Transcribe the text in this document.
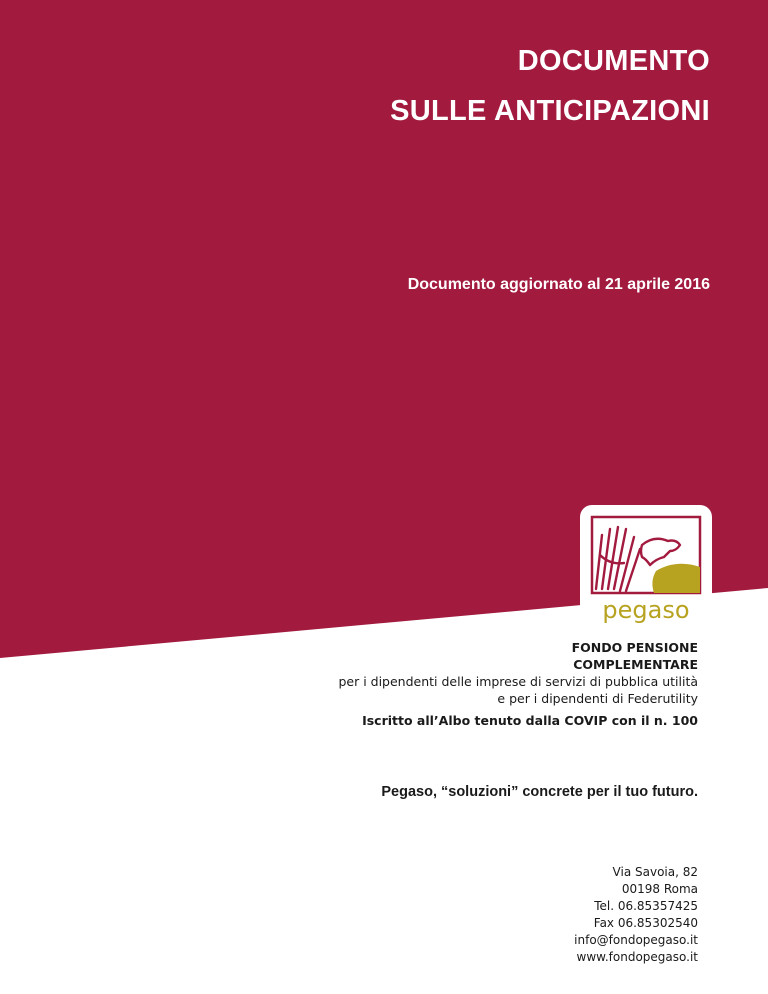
DOCUMENTO
SULLE ANTICIPAZIONI
Documento aggiornato al 21 aprile 2016
pegaso
FONDO PENSIONE
COMPLEMENTARE
per i dipendenti delle imprese di servizi di pubblica utilità
e per i dipendenti di Federutility
Iscritto all’Albo tenuto dalla COVIP con il n. 100
Pegaso, “soluzioni” concrete per il tuo futuro.
Via Savoia, 82
00198 Roma
Tel. 06.85357425
Fax 06.85302540
info@fondopegaso.it
www.fondopegaso.it
